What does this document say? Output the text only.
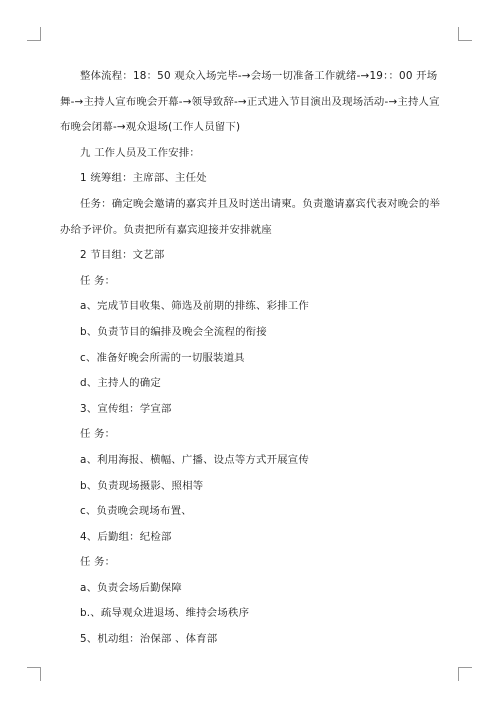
整体流程：18：50 观众入场完毕-→会场一切准备工作就绪-→19：：00 开场舞-→主持人宣布晚会开幕-→领导致辞-→正式进入节目演出及现场活动-→主持人宣布晚会闭幕-→观众退场(工作人员留下)

九 工作人员及工作安排：

1 统筹组：主席部、主任处

任务：确定晚会邀请的嘉宾并且及时送出请柬。负责邀请嘉宾代表对晚会的举办给予评价。负责把所有嘉宾迎接并安排就座

2 节目组：文艺部

任 务：

a、完成节目收集、筛选及前期的排练、彩排工作

b、负责节目的编排及晚会全流程的衔接

c、准备好晚会所需的一切服装道具

d、主持人的确定

3、宣传组：学宣部

任 务：

a、利用海报、横幅、广播、设点等方式开展宣传

b、负责现场摄影、照相等

c、负责晚会现场布置、

4、后勤组：纪检部

任 务：

a、负责会场后勤保障

b.、疏导观众进退场、维持会场秩序

5、机动组：治保部 、体育部
